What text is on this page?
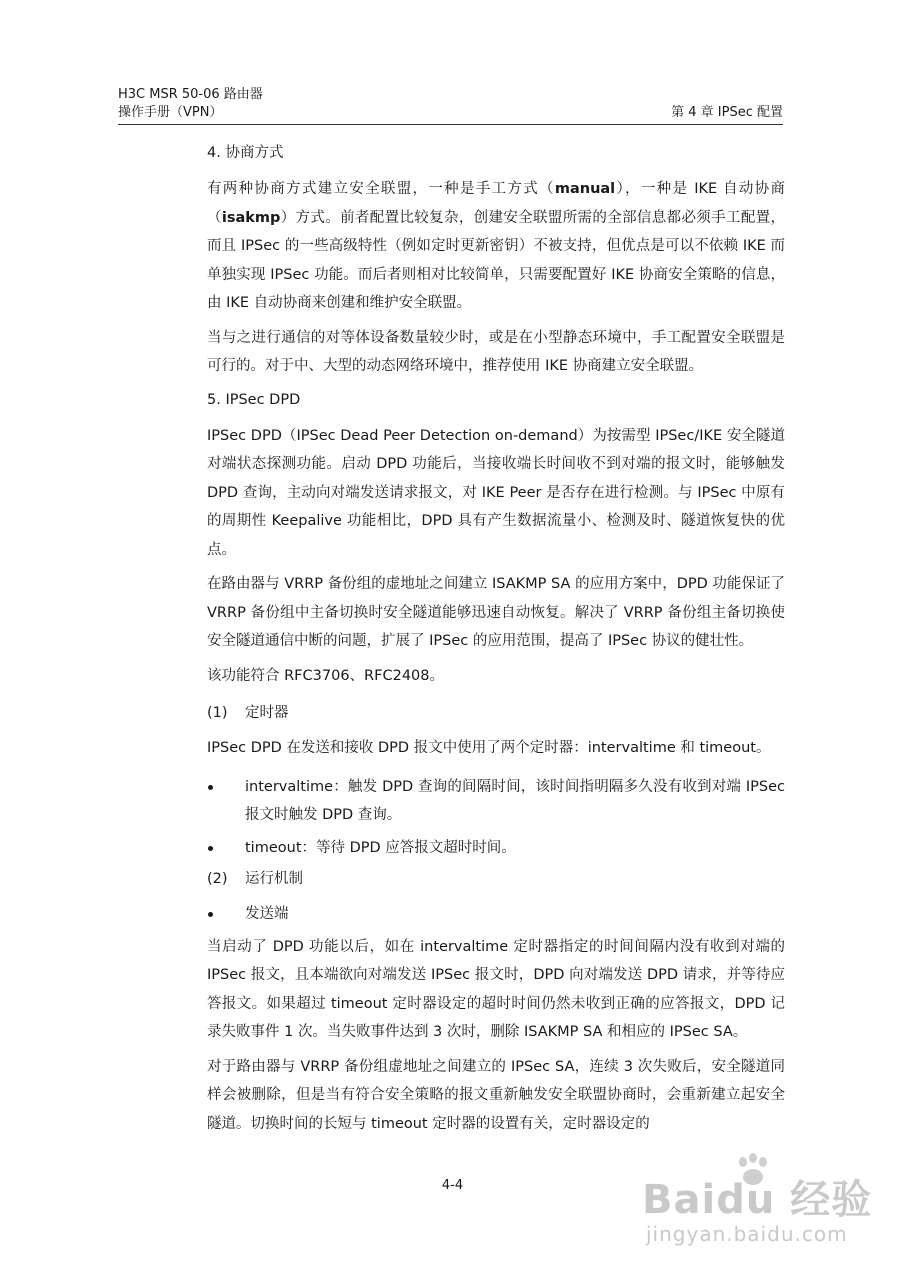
H3C MSR 50-06 路由器
操作手册（VPN）	第 4 章 IPSec 配置
4. 协商方式

有两种协商方式建立安全联盟，一种是手工方式（manual），一种是 IKE 自动协商（isakmp）方式。前者配置比较复杂，创建安全联盟所需的全部信息都必须手工配置，而且 IPSec 的一些高级特性（例如定时更新密钥）不被支持，但优点是可以不依赖 IKE 而单独实现 IPSec 功能。而后者则相对比较简单，只需要配置好 IKE 协商安全策略的信息，由 IKE 自动协商来创建和维护安全联盟。

当与之进行通信的对等体设备数量较少时，或是在小型静态环境中，手工配置安全联盟是可行的。对于中、大型的动态网络环境中，推荐使用 IKE 协商建立安全联盟。

5. IPSec DPD

IPSec DPD（IPSec Dead Peer Detection on-demand）为按需型 IPSec/IKE 安全隧道对端状态探测功能。启动 DPD 功能后，当接收端长时间收不到对端的报文时，能够触发 DPD 查询，主动向对端发送请求报文，对 IKE Peer 是否存在进行检测。与 IPSec 中原有的周期性 Keepalive 功能相比，DPD 具有产生数据流量小、检测及时、隧道恢复快的优点。

在路由器与 VRRP 备份组的虚地址之间建立 ISAKMP SA 的应用方案中，DPD 功能保证了 VRRP 备份组中主备切换时安全隧道能够迅速自动恢复。解决了 VRRP 备份组主备切换使安全隧道通信中断的问题，扩展了 IPSec 的应用范围，提高了 IPSec 协议的健壮性。

该功能符合 RFC3706、RFC2408。

(1)	定时器

IPSec DPD 在发送和接收 DPD 报文中使用了两个定时器：intervaltime 和 timeout。

intervaltime：触发 DPD 查询的间隔时间，该时间指明隔多久没有收到对端 IPSec 报文时触发 DPD 查询。
timeout：等待 DPD 应答报文超时时间。
(2)	运行机制
发送端

当启动了 DPD 功能以后，如在 intervaltime 定时器指定的时间间隔内没有收到对端的 IPSec 报文，且本端欲向对端发送 IPSec 报文时，DPD 向对端发送 DPD 请求，并等待应答报文。如果超过 timeout 定时器设定的超时时间仍然未收到正确的应答报文，DPD 记录失败事件 1 次。当失败事件达到 3 次时，删除 ISAKMP SA 和相应的 IPSec SA。

对于路由器与 VRRP 备份组虚地址之间建立的 IPSec SA，连续 3 次失败后，安全隧道同样会被删除，但是当有符合安全策略的报文重新触发安全联盟协商时，会重新建立起安全隧道。切换时间的长短与 timeout 定时器的设置有关，定时器设定的

4-4	Baidu 经验
jingyan.baidu.com
